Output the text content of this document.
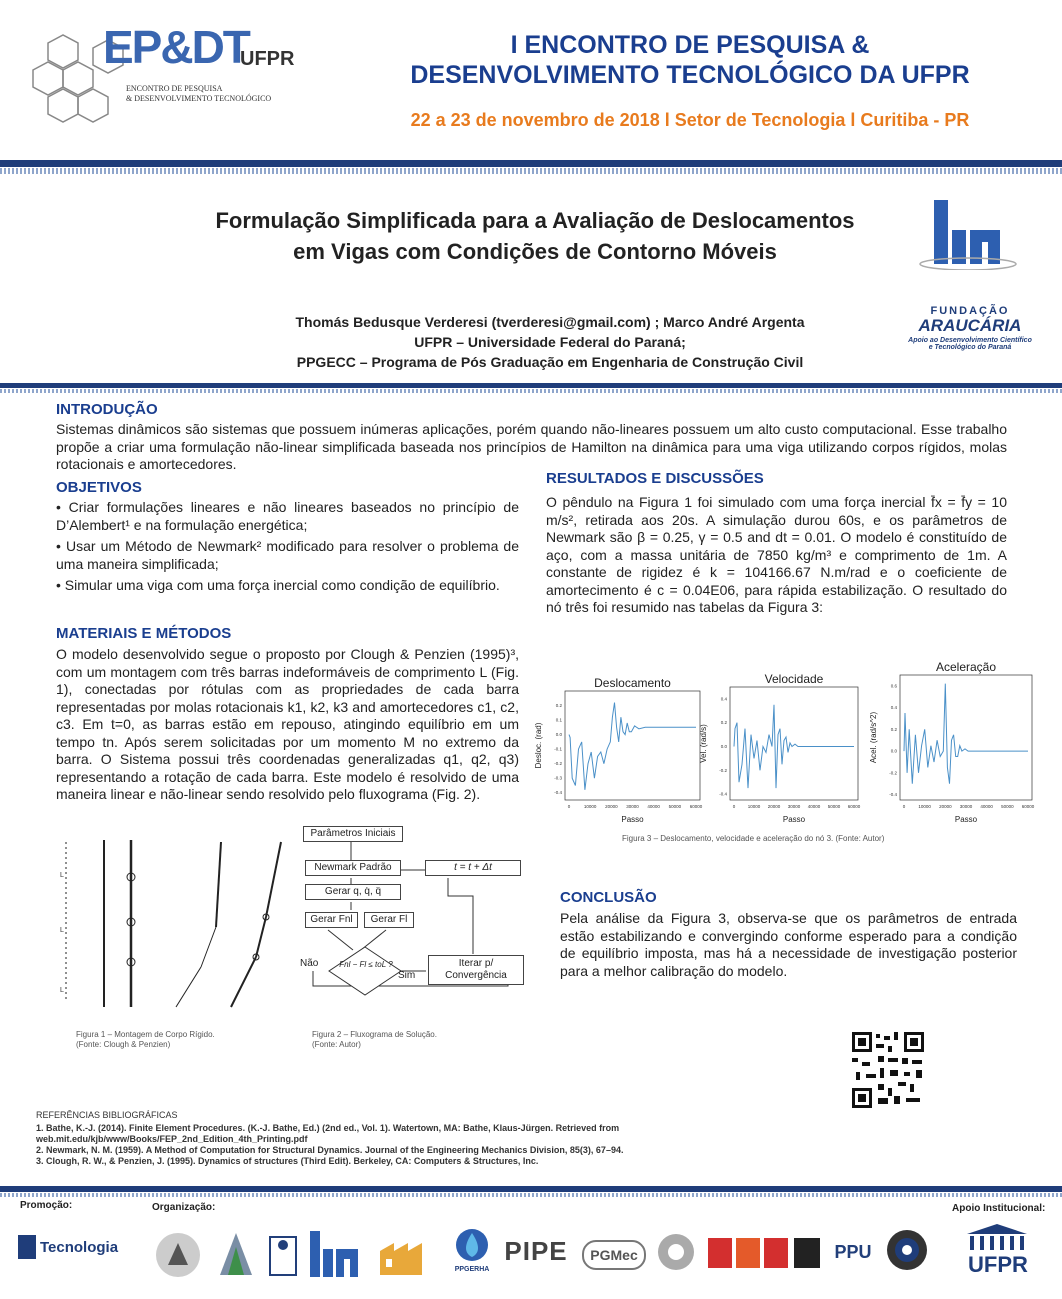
EP&DT
UFPR
ENCONTRO DE PESQUISA
& DESENVOLVIMENTO TECNOLÓGICO
I ENCONTRO DE PESQUISA &
DESENVOLVIMENTO TECNOLÓGICO DA UFPR
22 a 23 de novembro de 2018 l Setor de Tecnologia l Curitiba - PR
Formulação Simplificada para a Avaliação de Deslocamentos
em Vigas com Condições de Contorno Móveis
Thomás Bedusque Verderesi (tverderesi@gmail.com) ; Marco André Argenta
UFPR – Universidade Federal do Paraná;
PPGECC – Programa de Pós Graduação em Engenharia de Construção Civil
FUNDAÇÃO
ARAUCÁRIA
Apoio ao Desenvolvimento Científico
e Tecnológico do Paraná
INTRODUÇÃO
Sistemas dinâmicos são sistemas que possuem inúmeras aplicações, porém quando não-lineares possuem um alto custo computacional. Esse trabalho propõe a criar uma formulação não-linear simplificada baseada nos princípios de Hamilton na dinâmica para uma viga utilizando corpos rígidos, molas rotacionais e amortecedores.
OBJETIVOS
• Criar formulações lineares e não lineares baseados no princípio de D’Alembert¹ e na formulação energética;
• Usar um Método de Newmark² modificado para resolver o problema de uma maneira simplificada;
• Simular uma viga com uma força inercial como condição de equilíbrio.
MATERIAIS E MÉTODOS
O modelo desenvolvido segue o proposto por Clough & Penzien (1995)³, com um montagem com três barras indeformáveis de comprimento L (Fig. 1), conectadas por rótulas com as propriedades de cada barra representadas por molas rotacionais k1, k2, k3 and amortecedores c1, c2, c3. Em t=0, as barras estão em repouso, atingindo equilíbrio em um tempo tn. Após serem solicitadas por um momento M no extremo da barra. O Sistema possui três coordenadas generalizadas q1, q2, q3) representando a rotação de cada barra. Este modelo é resolvido de uma maneira linear e não-linear sendo resolvido pelo fluxograma (Fig. 2).
L
L
L
Figura 1 – Montagem de Corpo Rígido.
(Fonte: Clough & Penzien)
Parâmetros Iniciais
Newmark Padrão	t = t + Δt
Gerar q, q̇, q̈
Gerar Fnl	Gerar Fl
Fnl − Fl ≤ toL ?	Iterar p/ Convergência
Não
Sim
Figura 2 – Fluxograma de Solução.
(Fonte: Autor)
RESULTADOS E DISCUSSÕES
O pêndulo na Figura 1 foi simulado com uma força inercial f̄x = f̄y = 10 m/s², retirada aos 20s. A simulação durou 60s, e os parâmetros de Newmark são β = 0.25, γ = 0.5 and dt = 0.01. O modelo é constituído de aço, com a massa unitária de 7850 kg/m³ e comprimento de 1m. A constante de rigidez é k = 104166.67 N.m/rad e o coeficiente de amortecimento é c = 0.04E06, para rápida estabilização. O resultado do nó três foi resumido nas tabelas da Figura 3:
Deslocamento
Passo
Desloc. (rad)
0	10000 20000 30000 40000 50000 60000
0.2
0.1
0.0
-0.1
-0.2
-0.3
-0.4
Velocidade
Passo
Vel. (rad/s)
0	10000 20000 30000 40000 50000 60000
0.4
0.2
0.0
-0.2
-0.4
Aceleração
Passo
Acel. (rad/s^2)
0	10000 20000 30000 40000 50000 60000
0.6
0.4
0.2
0.0
-0.2
-0.4
Figura 3 – Deslocamento, velocidade e aceleração do nó 3. (Fonte: Autor)
CONCLUSÃO
Pela análise da Figura 3, observa-se que os parâmetros de entrada estão estabilizando e convergindo conforme esperado para a condição de equilíbrio imposta, mas há a necessidade de investigação posterior para a melhor calibração do modelo.
REFERÊNCIAS BIBLIOGRÁFICAS
1. Bathe, K.-J. (2014). Finite Element Procedures. (K.-J. Bathe, Ed.) (2nd ed., Vol. 1). Watertown, MA: Bathe, Klaus-Jürgen. Retrieved from web.mit.edu/kjb/www/Books/FEP_2nd_Edition_4th_Printing.pdf
2. Newmark, N. M. (1959). A Method of Computation for Structural Dynamics. Journal of the Engineering Mechanics Division, 85(3), 67–94.
3. Clough, R. W., & Penzien, J. (1995). Dynamics of structures (Third Edit). Berkeley, CA: Computers & Structures, Inc.
Promoção:	Organização:	Apoio Institucional:
Tecnologia
PPGERHA
PIPE	PGMec	PPU	UFPR
